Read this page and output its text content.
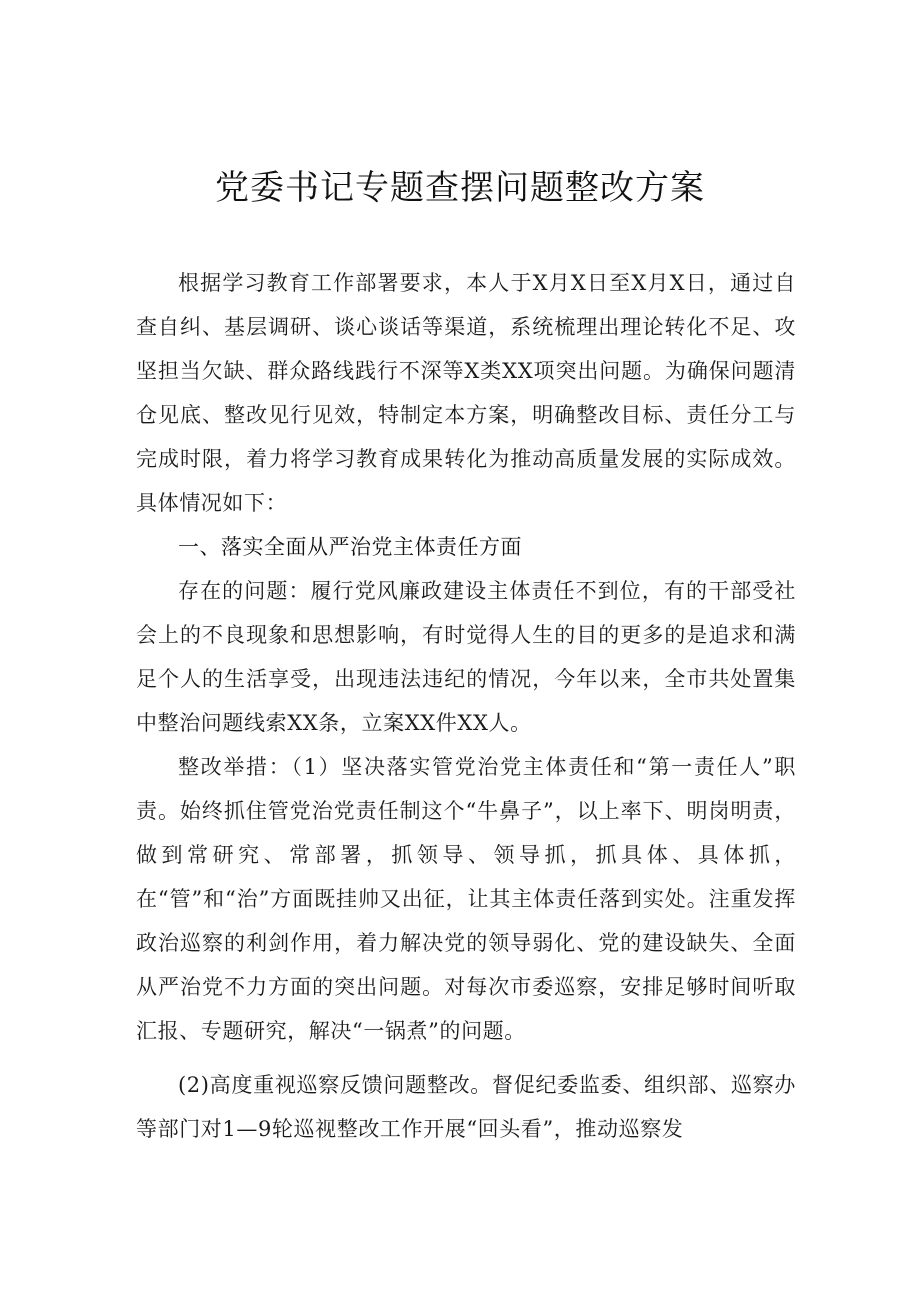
党委书记专题查摆问题整改方案

根据学习教育工作部署要求，本人于X月X日至X月X日，通过自查自纠、基层调研、谈心谈话等渠道，系统梳理出理论转化不足、攻坚担当欠缺、群众路线践行不深等X类XX项突出问题。为确保问题清仓见底、整改见行见效，特制定本方案，明确整改目标、责任分工与完成时限，着力将学习教育成果转化为推动高质量发展的实际成效。具体情况如下：

一、落实全面从严治党主体责任方面

存在的问题：履行党风廉政建设主体责任不到位，有的干部受社会上的不良现象和思想影响，有时觉得人生的目的更多的是追求和满足个人的生活享受，出现违法违纪的情况，今年以来，全市共处置集中整治问题线索XX条，立案XX件XX人。

整改举措：（1）坚决落实管党治党主体责任和“第一责任人”职责。始终抓住管党治党责任制这个“牛鼻子”，以上率下、明岗明责，做到常研究、常部署，抓领导、领导抓，抓具体、具体抓，在“管”和“治”方面既挂帅又出征，让其主体责任落到实处。注重发挥政治巡察的利剑作用，着力解决党的领导弱化、党的建设缺失、全面从严治党不力方面的突出问题。对每次市委巡察，安排足够时间听取汇报、专题研究，解决“一锅煮”的问题。

(2)高度重视巡察反馈问题整改。督促纪委监委、组织部、巡察办等部门对1—9轮巡视整改工作开展“回头看”，推动巡察发
